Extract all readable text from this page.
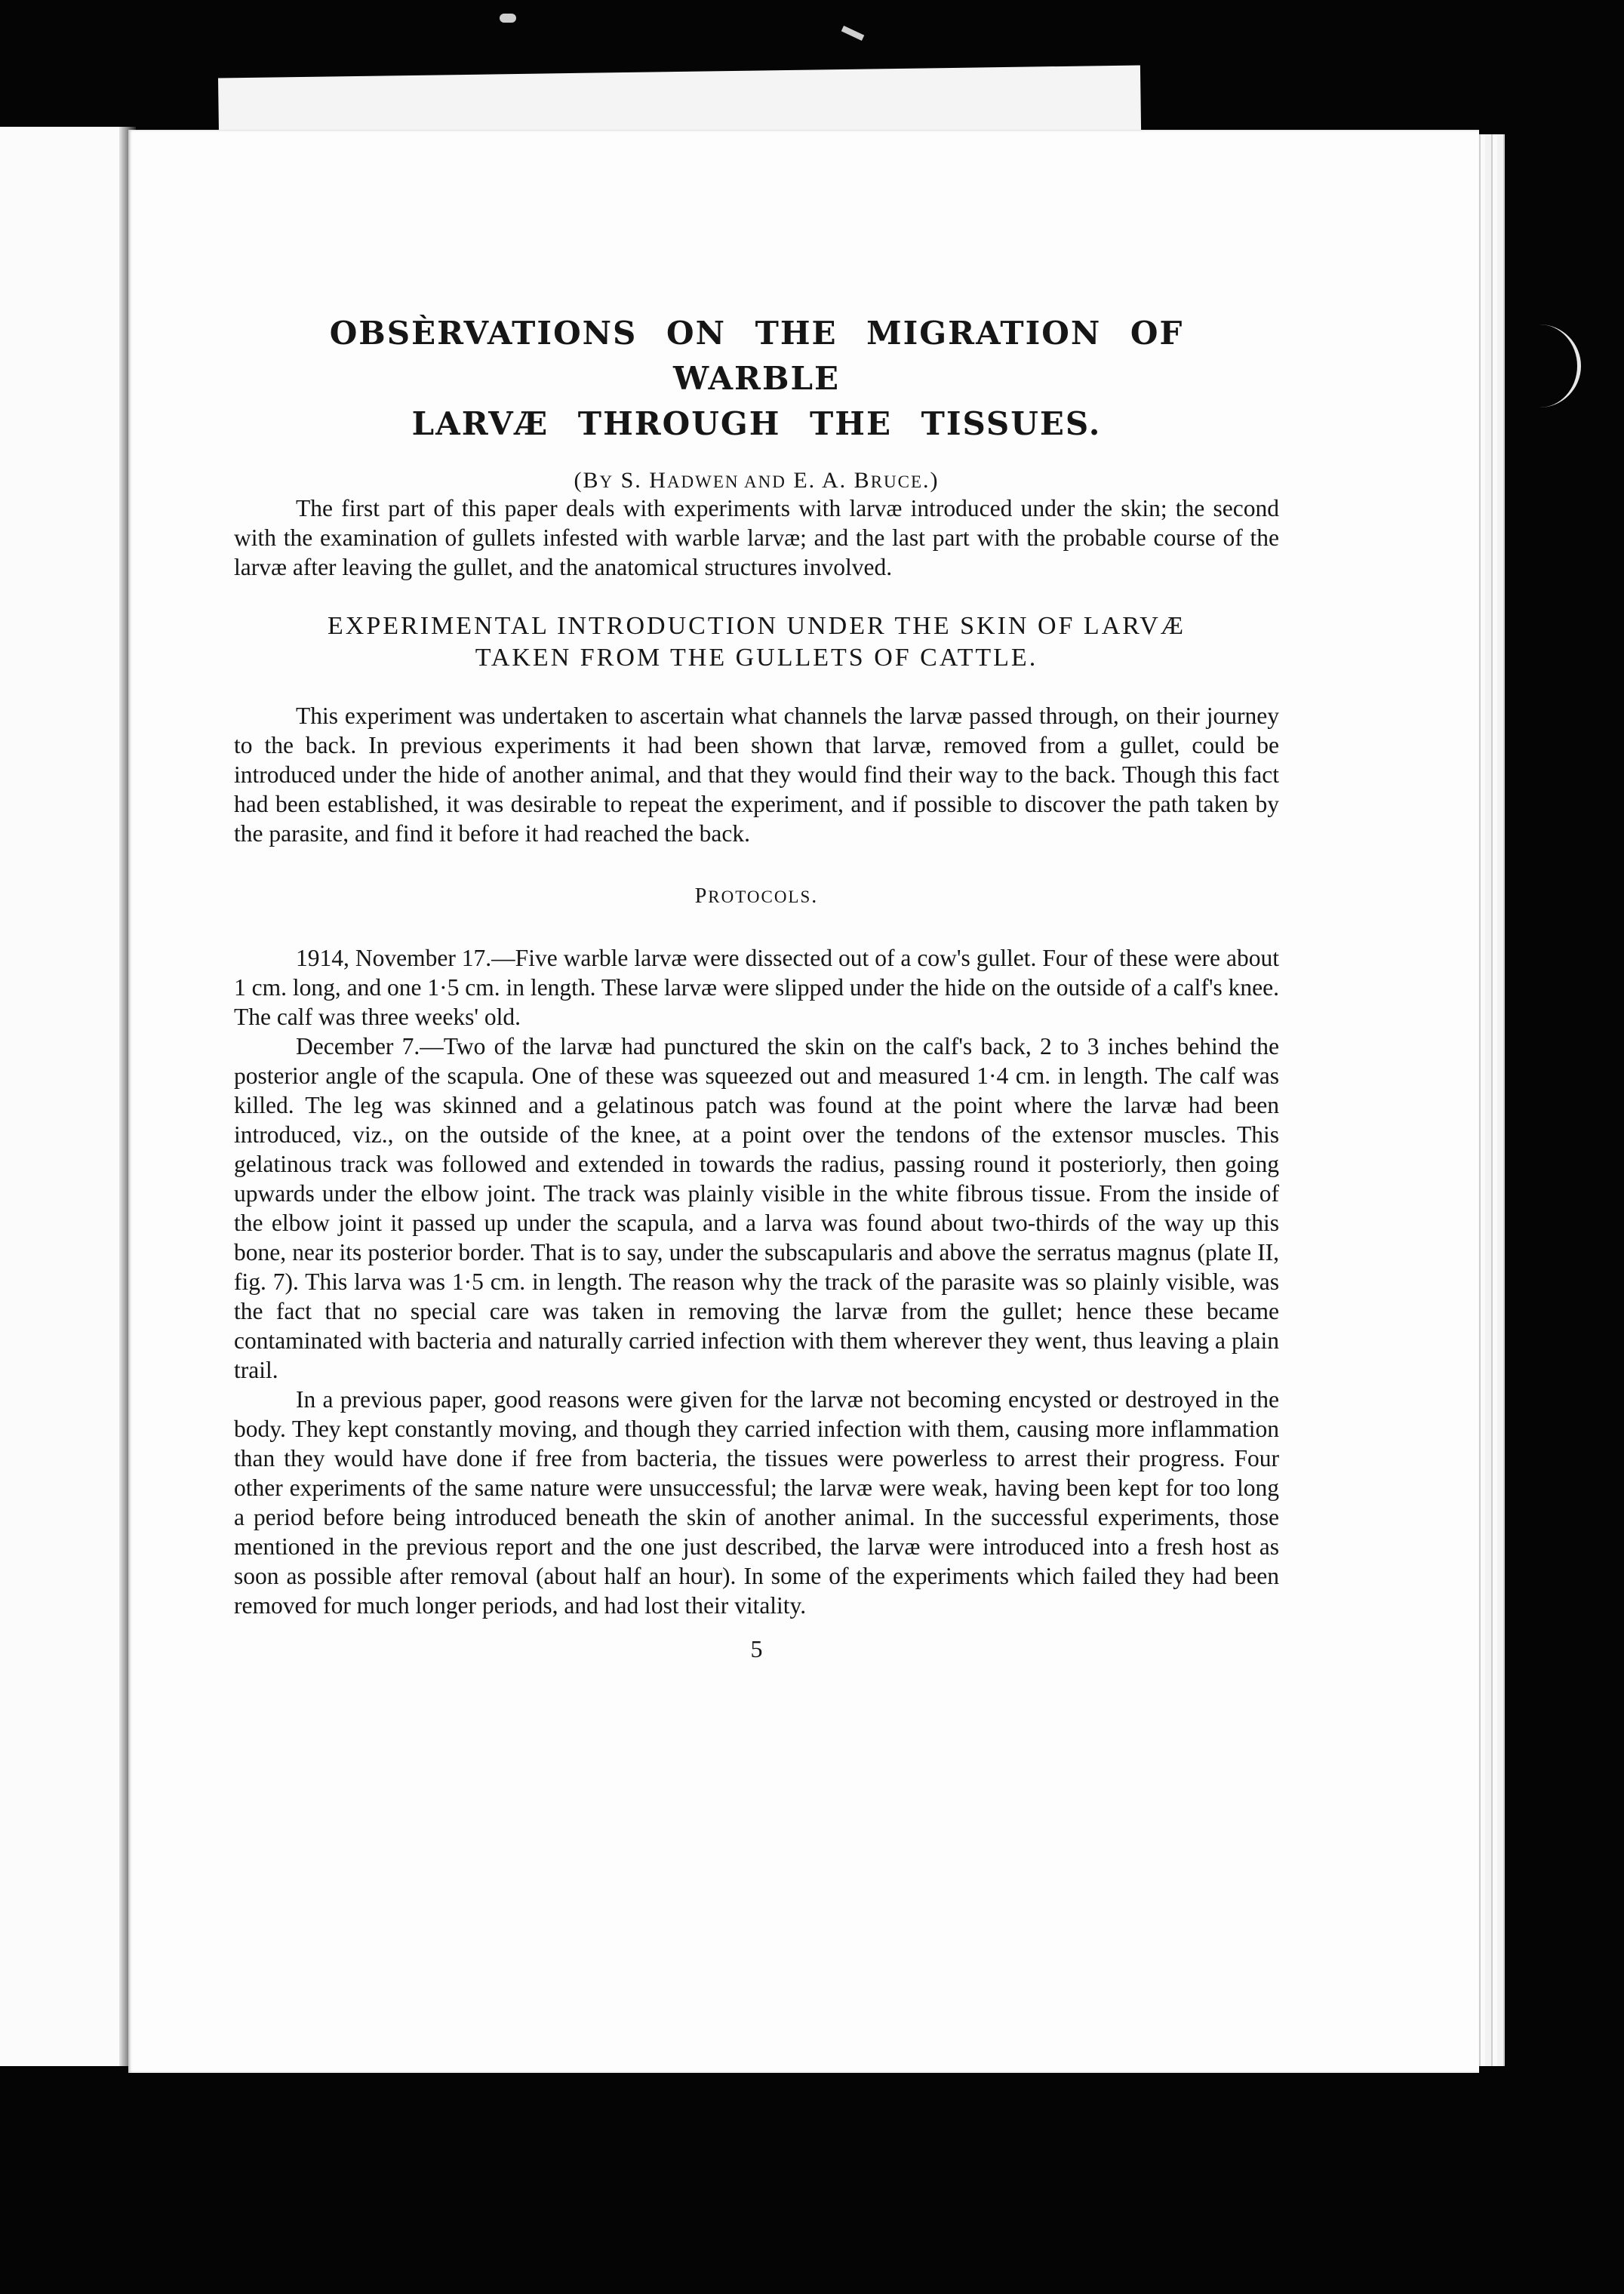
OBSÈRVATIONS ON THE MIGRATION OF WARBLE
LARVÆ THROUGH THE TISSUES.
(BY S. HADWEN AND E. A. BRUCE.)

The first part of this paper deals with experiments with larvæ introduced under the skin; the second with the examination of gullets infested with warble larvæ; and the last part with the probable course of the larvæ after leaving the gullet, and the anatomical structures involved.

EXPERIMENTAL INTRODUCTION UNDER THE SKIN OF LARVÆ
TAKEN FROM THE GULLETS OF CATTLE.

This experiment was undertaken to ascertain what channels the larvæ passed through, on their journey to the back. In previous experiments it had been shown that larvæ, removed from a gullet, could be introduced under the hide of another animal, and that they would find their way to the back. Though this fact had been established, it was desirable to repeat the experiment, and if possible to discover the path taken by the parasite, and find it before it had reached the back.

PROTOCOLS.

1914, November 17.—Five warble larvæ were dissected out of a cow's gullet. Four of these were about 1 cm. long, and one 1·5 cm. in length. These larvæ were slipped under the hide on the outside of a calf's knee. The calf was three weeks' old.

December 7.—Two of the larvæ had punctured the skin on the calf's back, 2 to 3 inches behind the posterior angle of the scapula. One of these was squeezed out and measured 1·4 cm. in length. The calf was killed. The leg was skinned and a gelatinous patch was found at the point where the larvæ had been introduced, viz., on the outside of the knee, at a point over the tendons of the extensor muscles. This gelatinous track was followed and extended in towards the radius, passing round it posteriorly, then going upwards under the elbow joint. The track was plainly visible in the white fibrous tissue. From the inside of the elbow joint it passed up under the scapula, and a larva was found about two-thirds of the way up this bone, near its posterior border. That is to say, under the subscapularis and above the serratus magnus (plate II, fig. 7). This larva was 1·5 cm. in length. The reason why the track of the parasite was so plainly visible, was the fact that no special care was taken in removing the larvæ from the gullet; hence these became contaminated with bacteria and naturally carried infection with them wherever they went, thus leaving a plain trail.

In a previous paper, good reasons were given for the larvæ not becoming encysted or destroyed in the body. They kept constantly moving, and though they carried infection with them, causing more inflammation than they would have done if free from bacteria, the tissues were powerless to arrest their progress. Four other experiments of the same nature were unsuccessful; the larvæ were weak, having been kept for too long a period before being introduced beneath the skin of another animal. In the successful experiments, those mentioned in the previous report and the one just described, the larvæ were introduced into a fresh host as soon as possible after removal (about half an hour). In some of the experiments which failed they had been removed for much longer periods, and had lost their vitality.

5
